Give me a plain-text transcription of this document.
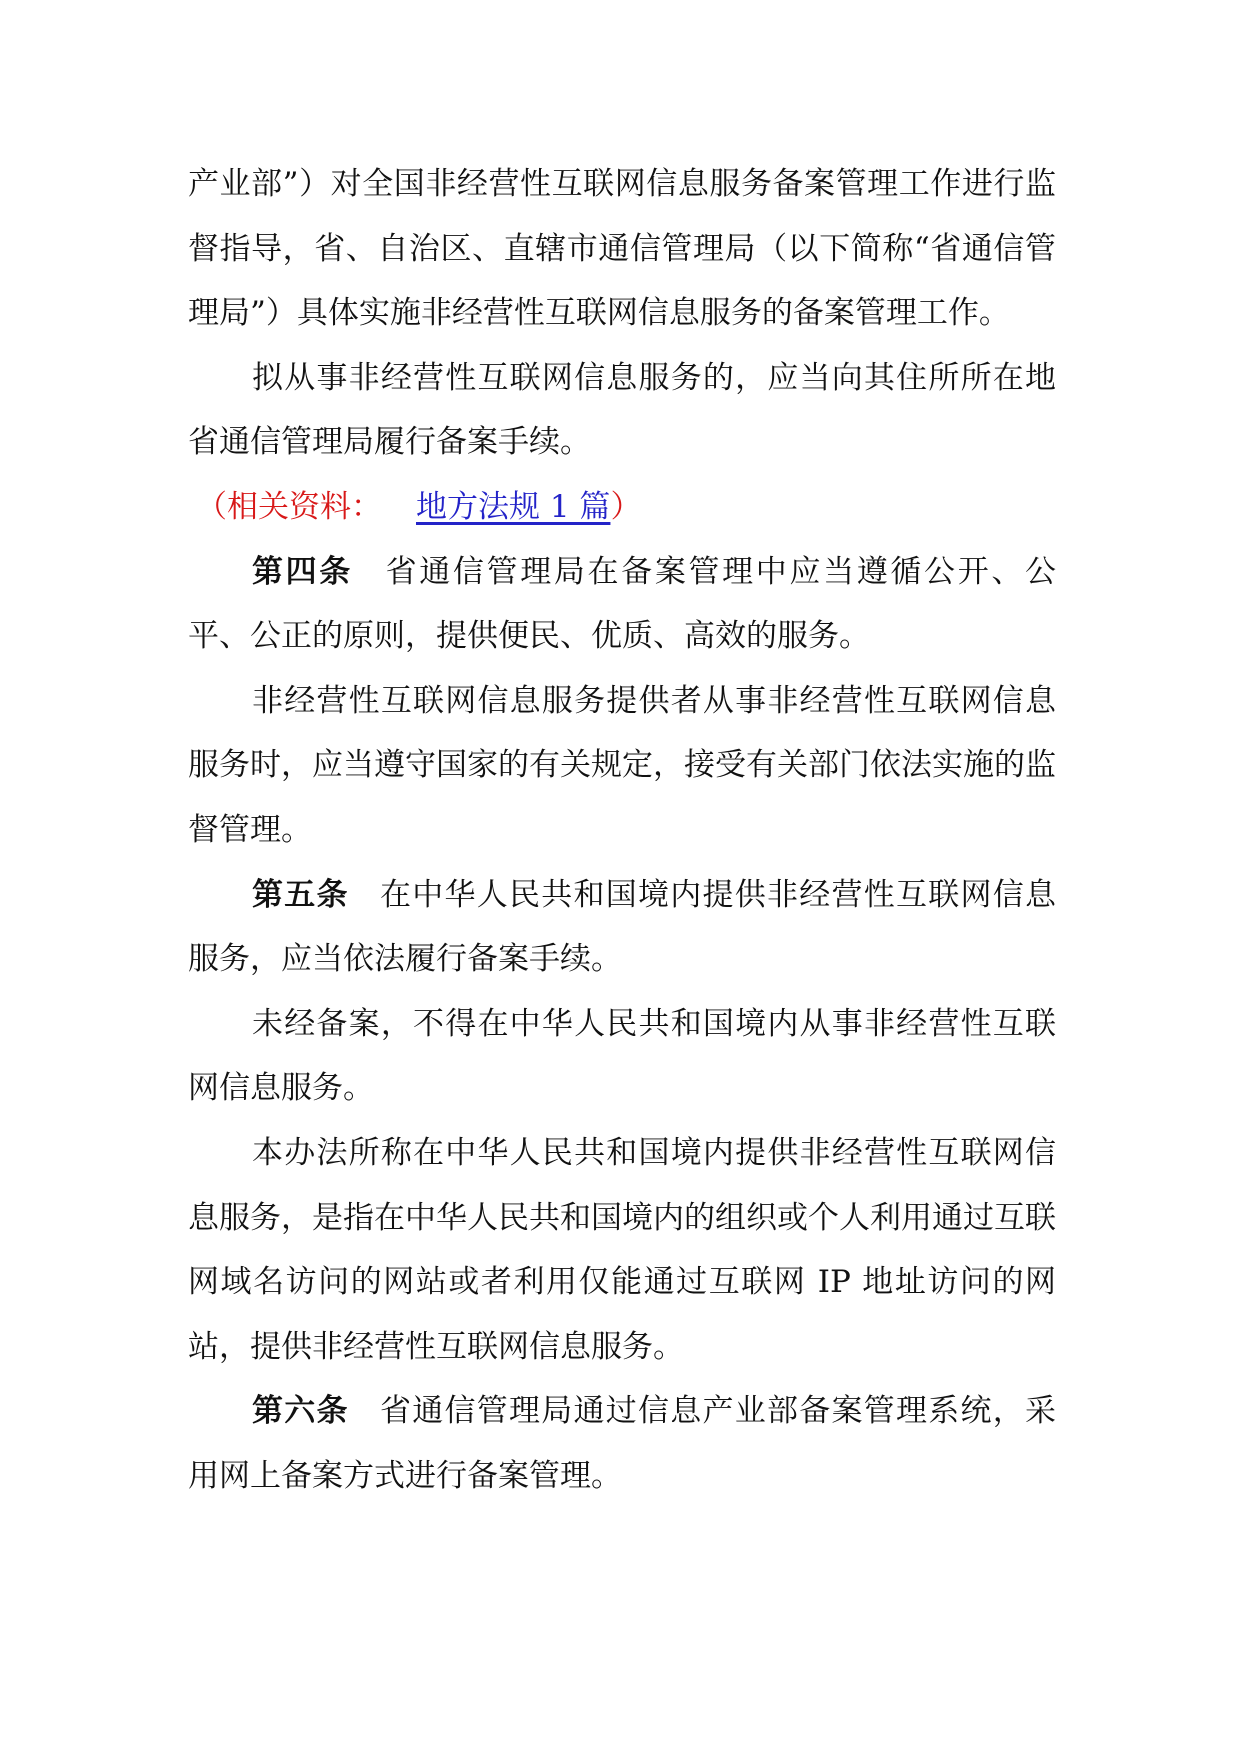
产业部”）对全国非经营性互联网信息服务备案管理工作进行监督指导，省、自治区、直辖市通信管理局（以下简称“省通信管理局”）具体实施非经营性互联网信息服务的备案管理工作。

拟从事非经营性互联网信息服务的，应当向其住所所在地省通信管理局履行备案手续。

（相关资料： 地方法规 1 篇）

第四条 省通信管理局在备案管理中应当遵循公开、公平、公正的原则，提供便民、优质、高效的服务。

非经营性互联网信息服务提供者从事非经营性互联网信息服务时，应当遵守国家的有关规定，接受有关部门依法实施的监督管理。

第五条 在中华人民共和国境内提供非经营性互联网信息服务，应当依法履行备案手续。

未经备案，不得在中华人民共和国境内从事非经营性互联网信息服务。

本办法所称在中华人民共和国境内提供非经营性互联网信息服务，是指在中华人民共和国境内的组织或个人利用通过互联网域名访问的网站或者利用仅能通过互联网 IP 地址访问的网站，提供非经营性互联网信息服务。

第六条 省通信管理局通过信息产业部备案管理系统，采用网上备案方式进行备案管理。
